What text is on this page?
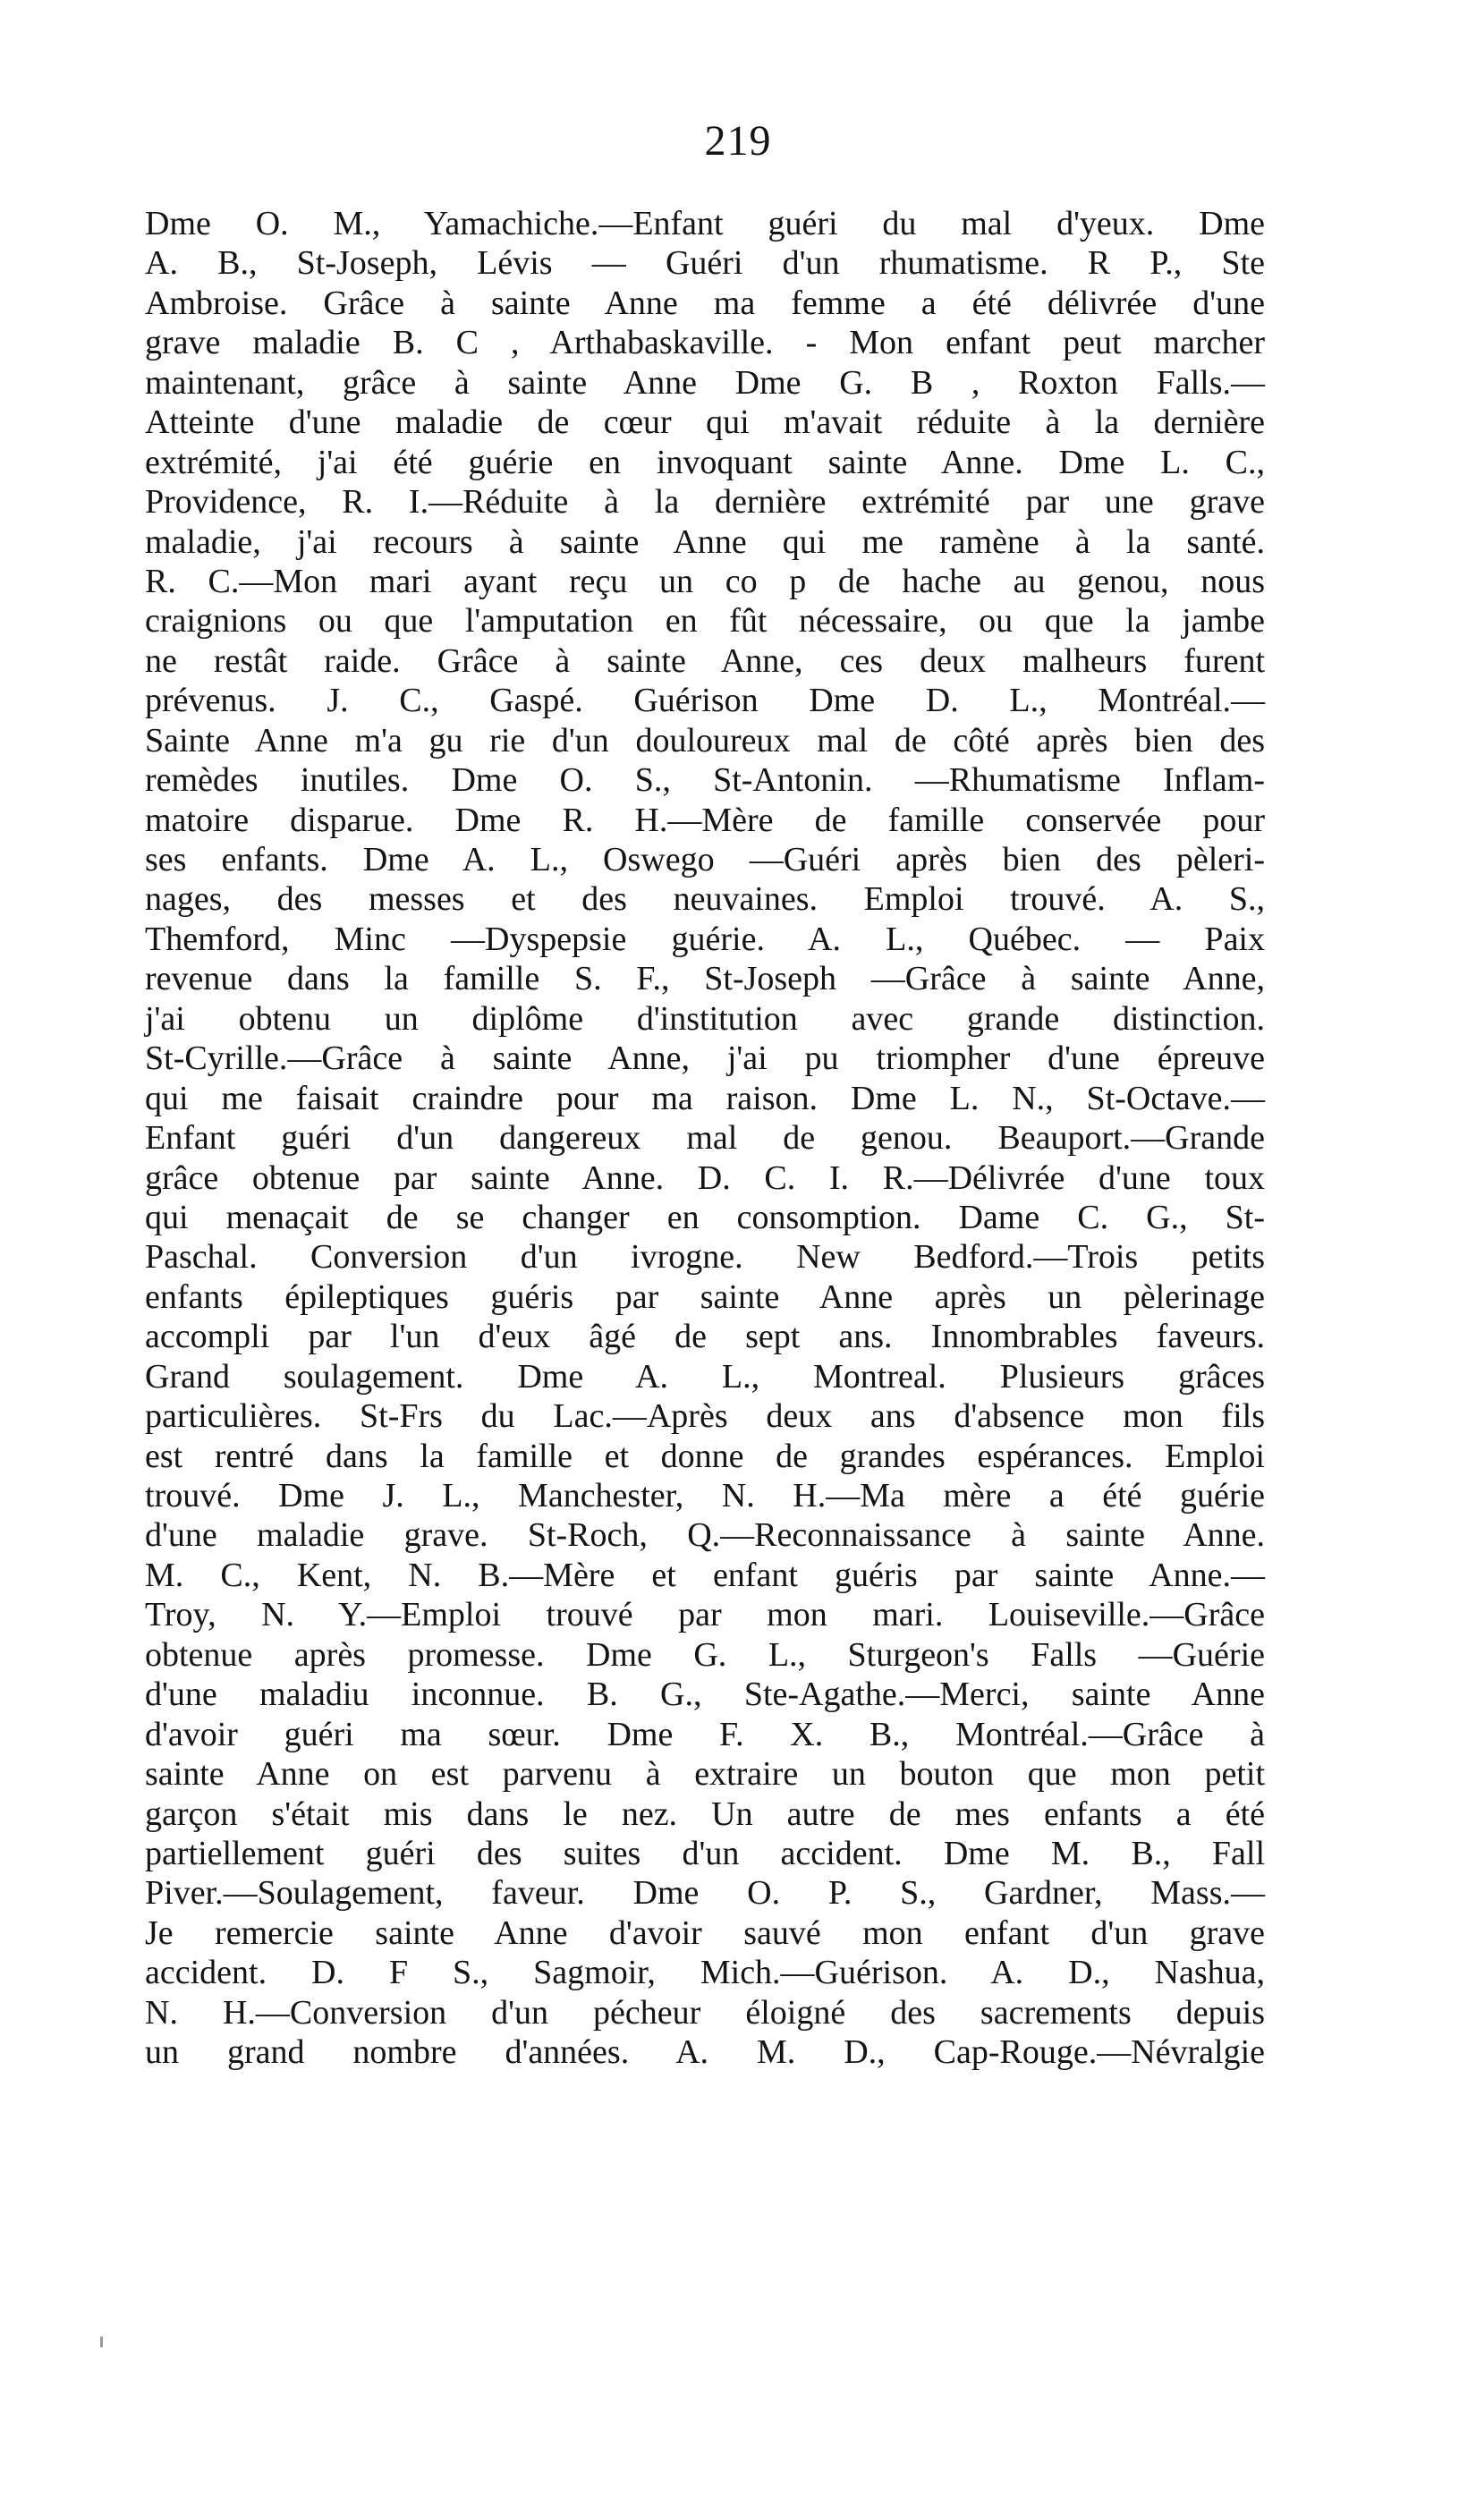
219
Dme O. M., Yamachiche.—Enfant guéri du mal d'yeux. Dme
A. B., St-Joseph, Lévis — Guéri d'un rhumatisme. R P., Ste
Ambroise. Grâce à sainte Anne ma femme a été délivrée d'une
grave maladie B. C , Arthabaskaville. - Mon enfant peut marcher
maintenant, grâce à sainte Anne Dme G. B , Roxton Falls.—
Atteinte d'une maladie de cœur qui m'avait réduite à la dernière
extrémité, j'ai été guérie en invoquant sainte Anne. Dme L. C.,
Providence, R. I.—Réduite à la dernière extrémité par une grave
maladie, j'ai recours à sainte Anne qui me ramène à la santé.
R. C.—Mon mari ayant reçu un co p de hache au genou, nous
craignions ou que l'amputation en fût nécessaire, ou que la jambe
ne restât raide. Grâce à sainte Anne, ces deux malheurs furent
prévenus. J. C., Gaspé. Guérison Dme D. L., Montréal.—
Sainte Anne m'a gu rie d'un douloureux mal de côté après bien des
remèdes inutiles. Dme O. S., St-Antonin. —Rhumatisme Inflam-
matoire disparue. Dme R. H.—Mère de famille conservée pour
ses enfants. Dme A. L., Oswego —Guéri après bien des pèleri-
nages, des messes et des neuvaines. Emploi trouvé. A. S.,
Themford, Minc —Dyspepsie guérie. A. L., Québec. — Paix
revenue dans la famille S. F., St-Joseph —Grâce à sainte Anne,
j'ai obtenu un diplôme d'institution avec grande distinction.
St-Cyrille.—Grâce à sainte Anne, j'ai pu triompher d'une épreuve
qui me faisait craindre pour ma raison. Dme L. N., St-Octave.—
Enfant guéri d'un dangereux mal de genou. Beauport.—Grande
grâce obtenue par sainte Anne. D. C. I. R.—Délivrée d'une toux
qui menaçait de se changer en consomption. Dame C. G., St-
Paschal. Conversion d'un ivrogne. New Bedford.—Trois petits
enfants épileptiques guéris par sainte Anne après un pèlerinage
accompli par l'un d'eux âgé de sept ans. Innombrables faveurs.
Grand soulagement. Dme A. L., Montreal. Plusieurs grâces
particulières. St-Frs du Lac.—Après deux ans d'absence mon fils
est rentré dans la famille et donne de grandes espérances. Emploi
trouvé. Dme J. L., Manchester, N. H.—Ma mère a été guérie
d'une maladie grave. St-Roch, Q.—Reconnaissance à sainte Anne.
M. C., Kent, N. B.—Mère et enfant guéris par sainte Anne.—
Troy, N. Y.—Emploi trouvé par mon mari. Louiseville.—Grâce
obtenue après promesse. Dme G. L., Sturgeon's Falls —Guérie
d'une maladiu inconnue. B. G., Ste-Agathe.—Merci, sainte Anne
d'avoir guéri ma sœur. Dme F. X. B., Montréal.—Grâce à
sainte Anne on est parvenu à extraire un bouton que mon petit
garçon s'était mis dans le nez. Un autre de mes enfants a été
partiellement guéri des suites d'un accident. Dme M. B., Fall
Piver.—Soulagement, faveur. Dme O. P. S., Gardner, Mass.—
Je remercie sainte Anne d'avoir sauvé mon enfant d'un grave
accident. D. F S., Sagmoir, Mich.—Guérison. A. D., Nashua,
N. H.—Conversion d'un pécheur éloigné des sacrements depuis
un grand nombre d'années. A. M. D., Cap-Rouge.—Névralgie
